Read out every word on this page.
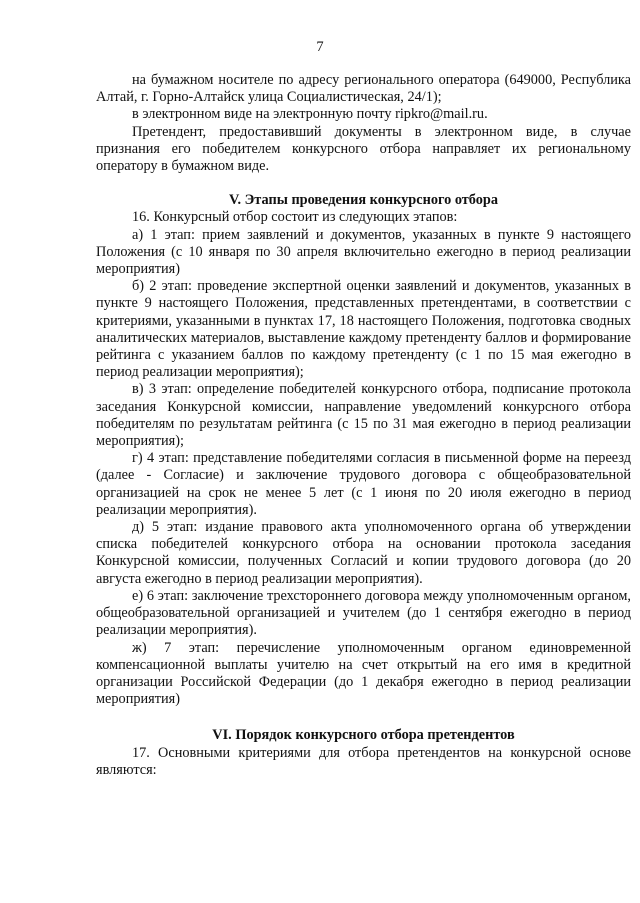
7

на бумажном носителе по адресу регионального оператора (649000, Республика Алтай, г. Горно-Алтайск улица Социалистическая, 24/1);

в электронном виде на электронную почту ripkro@mail.ru.

Претендент, предоставивший документы в электронном виде, в случае признания его победителем конкурсного отбора направляет их региональному оператору в бумажном виде.

V. Этапы проведения конкурсного отбора

16. Конкурсный отбор состоит из следующих этапов:

а) 1 этап: прием заявлений и документов, указанных в пункте 9 настоящего Положения (с 10 января по 30 апреля включительно ежегодно в период реализации мероприятия)

б) 2 этап: проведение экспертной оценки заявлений и документов, указанных в пункте 9 настоящего Положения, представленных претендентами, в соответствии с критериями, указанными в пунктах 17, 18 настоящего Положения, подготовка сводных аналитических материалов, выставление каждому претенденту баллов и формирование рейтинга с указанием баллов по каждому претенденту (с 1 по 15 мая ежегодно в период реализации мероприятия);

в) 3 этап: определение победителей конкурсного отбора, подписание протокола заседания Конкурсной комиссии, направление уведомлений конкурсного отбора победителям по результатам рейтинга (с 15 по 31 мая ежегодно в период реализации мероприятия);

г) 4 этап: представление победителями согласия в письменной форме на переезд (далее - Согласие) и заключение трудового договора с общеобразовательной организацией на срок не менее 5 лет (с 1 июня по 20 июля ежегодно в период реализации мероприятия).

д) 5 этап: издание правового акта уполномоченного органа об утверждении списка победителей конкурсного отбора на основании протокола заседания Конкурсной комиссии, полученных Согласий и копии трудового договора (до 20 августа ежегодно в период реализации мероприятия).

е) 6 этап: заключение трехстороннего договора между уполномоченным органом, общеобразовательной организацией и учителем (до 1 сентября ежегодно в период реализации мероприятия).

ж) 7 этап: перечисление уполномоченным органом единовременной компенсационной выплаты учителю на счет открытый на его имя в кредитной организации Российской Федерации (до 1 декабря ежегодно в период реализации мероприятия)

VI. Порядок конкурсного отбора претендентов

17. Основными критериями для отбора претендентов на конкурсной основе являются:
